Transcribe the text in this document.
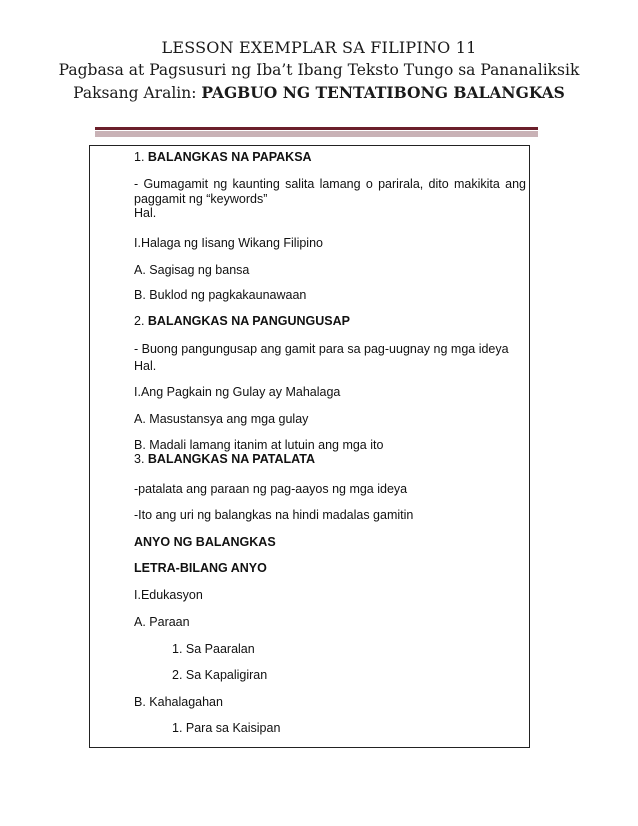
LESSON EXEMPLAR SA FILIPINO 11
Pagbasa at Pagsusuri ng Iba’t Ibang Teksto Tungo sa Pananaliksik
Paksang Aralin: PAGBUO NG TENTATIBONG BALANGKAS
1. BALANGKAS NA PAPAKSA
- Gumagamit ng kaunting salita lamang o parirala, dito makikita ang
paggamit ng “keywords”
Hal.
I.Halaga ng Iisang Wikang Filipino
A. Sagisag ng bansa
B. Buklod ng pagkakaunawaan
2. BALANGKAS NA PANGUNGUSAP
- Buong pangungusap ang gamit para sa pag-uugnay ng mga ideya
Hal.
I.Ang Pagkain ng Gulay ay Mahalaga
A. Masustansya ang mga gulay
B. Madali lamang itanim at lutuin ang mga ito
3. BALANGKAS NA PATALATA
-patalata ang paraan ng pag-aayos ng mga ideya
-Ito ang uri ng balangkas na hindi madalas gamitin
ANYO NG BALANGKAS
LETRA-BILANG ANYO
I.Edukasyon
A. Paraan
1. Sa Paaralan
2. Sa Kapaligiran
B. Kahalagahan
1. Para sa Kaisipan
